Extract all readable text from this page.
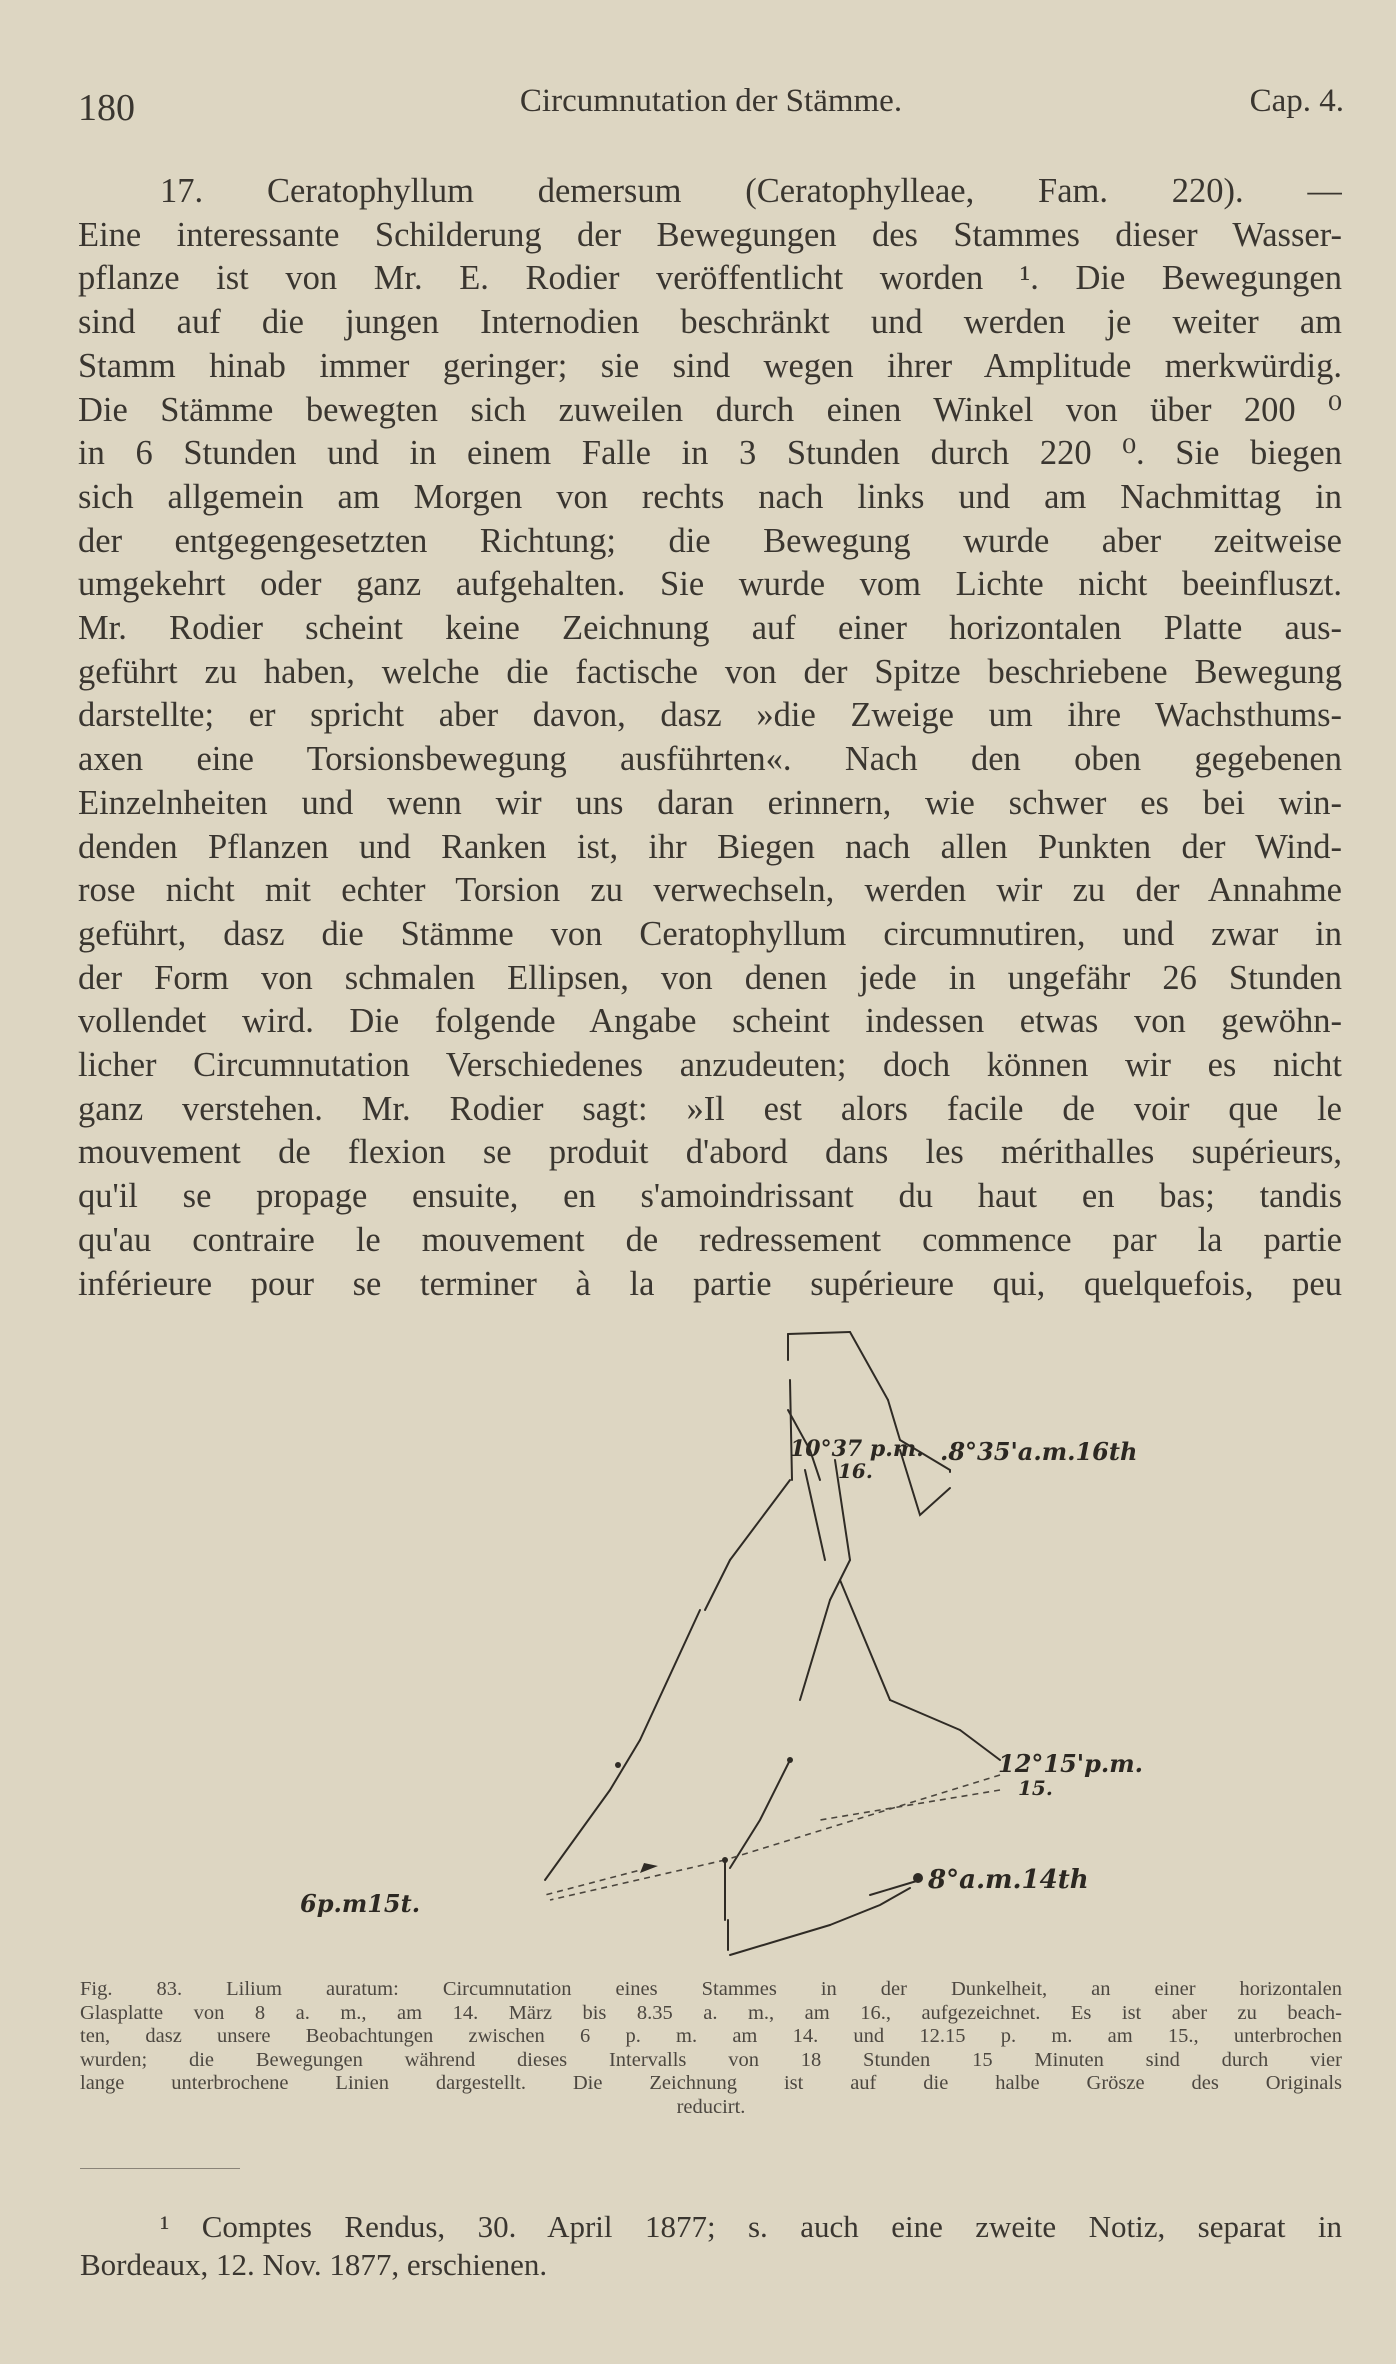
180	Circumnutation der Stämme.	Cap. 4.
17. Ceratophyllum demersum (Ceratophylleae, Fam. 220). —
Eine interessante Schilderung der Bewegungen des Stammes dieser Wasser-
pflanze ist von Mr. E. Rodier veröffentlicht worden ¹. Die Bewegungen
sind auf die jungen Internodien beschränkt und werden je weiter am
Stamm hinab immer geringer; sie sind wegen ihrer Amplitude merkwürdig.
Die Stämme bewegten sich zuweilen durch einen Winkel von über 200 ⁰
in 6 Stunden und in einem Falle in 3 Stunden durch 220 ⁰. Sie biegen
sich allgemein am Morgen von rechts nach links und am Nachmittag in
der entgegengesetzten Richtung; die Bewegung wurde aber zeitweise
umgekehrt oder ganz aufgehalten. Sie wurde vom Lichte nicht beeinfluszt.
Mr. Rodier scheint keine Zeichnung auf einer horizontalen Platte aus-
geführt zu haben, welche die factische von der Spitze beschriebene Bewegung
darstellte; er spricht aber davon, dasz »die Zweige um ihre Wachsthums-
axen eine Torsionsbewegung ausführten«. Nach den oben gegebenen
Einzelnheiten und wenn wir uns daran erinnern, wie schwer es bei win-
denden Pflanzen und Ranken ist, ihr Biegen nach allen Punkten der Wind-
rose nicht mit echter Torsion zu verwechseln, werden wir zu der Annahme
geführt, dasz die Stämme von Ceratophyllum circumnutiren, und zwar in
der Form von schmalen Ellipsen, von denen jede in ungefähr 26 Stunden
vollendet wird. Die folgende Angabe scheint indessen etwas von gewöhn-
licher Circumnutation Verschiedenes anzudeuten; doch können wir es nicht
ganz verstehen. Mr. Rodier sagt: »Il est alors facile de voir que le
mouvement de flexion se produit d'abord dans les mérithalles supérieurs,
qu'il se propage ensuite, en s'amoindrissant du haut en bas; tandis
qu'au contraire le mouvement de redressement commence par la partie
inférieure pour se terminer à la partie supérieure qui, quelquefois, peu
10°37 p.m.
16.
.8°35'a.m.16th
12°15'p.m.
15.
6p.m15t.
8°a.m.14th
Fig. 83. Lilium auratum: Circumnutation eines Stammes in der Dunkelheit, an einer horizontalen
Glasplatte von 8 a. m., am 14. März bis 8.35 a. m., am 16., aufgezeichnet. Es ist aber zu beach-
ten, dasz unsere Beobachtungen zwischen 6 p. m. am 14. und 12.15 p. m. am 15., unterbrochen
wurden; die Bewegungen während dieses Intervalls von 18 Stunden 15 Minuten sind durch vier
lange unterbrochene Linien dargestellt. Die Zeichnung ist auf die halbe Grösze des Originals
reducirt.
¹ Comptes Rendus, 30. April 1877; s. auch eine zweite Notiz, separat in
Bordeaux, 12. Nov. 1877, erschienen.
